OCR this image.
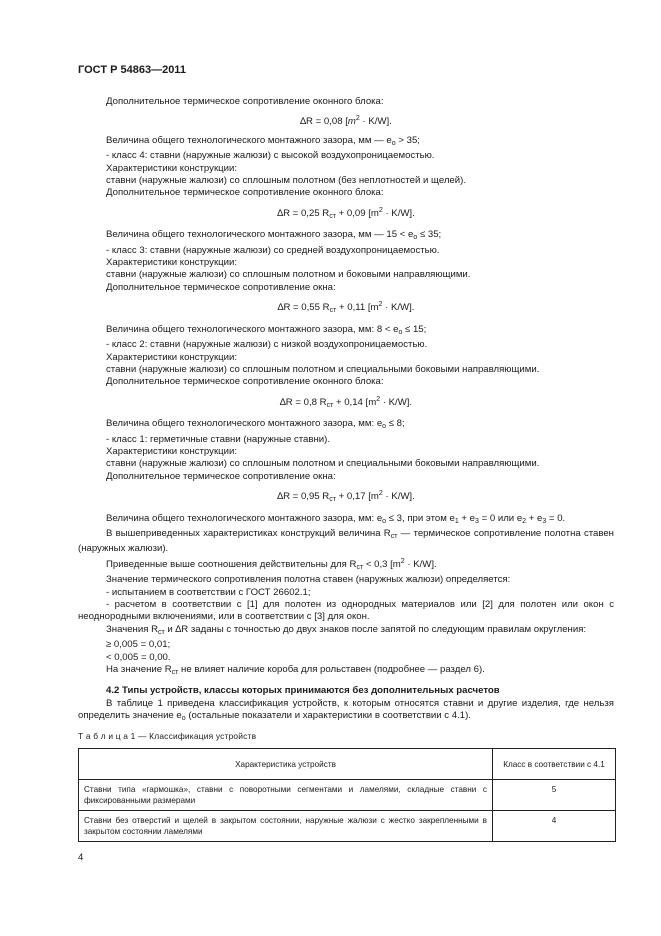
ГОСТ Р 54863—2011

Дополнительное термическое сопротивление оконного блока:

∆R = 0,08 $[m^2 \cdot K/W]$.

Величина общего технологического монтажного зазора, мм — $e_o > 35$;

- класс 4: ставни (наружные жалюзи) с высокой воздухопроницаемостью.

Характеристики конструкции:

ставни (наружные жалюзи) со сплошным полотном (без неплотностей и щелей).

Дополнительное термическое сопротивление оконного блока:

∆R = 0,25 $R_{ст} + 0,09$ $[m^2 \cdot K/W]$.

Величина общего технологического монтажного зазора, мм — $15 < e_o \le 35$;

- класс 3: ставни (наружные жалюзи) со средней воздухопроницаемостью.

Характеристики конструкции:

ставни (наружные жалюзи) со сплошным полотном и боковыми направляющими.

Дополнительное термическое сопротивление окна:

∆R = 0,55 $R_{ст} + 0,11$ $[m^2 \cdot K/W]$.

Величина общего технологического монтажного зазора, мм: $8 < e_o \le 15$;

- класс 2: ставни (наружные жалюзи) с низкой воздухопроницаемостью.

Характеристики конструкции:

ставни (наружные жалюзи) со сплошным полотном и специальными боковыми направляющими.

Дополнительное термическое сопротивление оконного блока:

∆R = 0,8 $R_{ст} + 0,14$ $[m^2 \cdot K/W]$.

Величина общего технологического монтажного зазора, мм: $e_o \le 8$;

- класс 1: герметичные ставни (наружные ставни).

Характеристики конструкции:

ставни (наружные жалюзи) со сплошным полотном и специальными боковыми направляющими.

Дополнительное термическое сопротивление окна:

∆R = 0,95 $R_{ст} + 0,17$ $[m^2 \cdot K/W]$.

Величина общего технологического монтажного зазора, мм: $e_o \le 3$, при этом $e_1 + e_3 = 0$ или $e_2 + e_3 = 0$.

В вышеприведенных характеристиках конструкций величина $R_{ст}$ — термическое сопротивление полотна ставен (наружных жалюзи).

Приведенные выше соотношения действительны для $R_{ст} < 0,3$ $[m^2 \cdot K/W]$.

Значение термического сопротивления полотна ставен (наружных жалюзи) определяется:

- испытанием в соответствии с ГОСТ 26602.1;

- расчетом в соответствии с [1] для полотен из однородных материалов или [2] для полотен или окон с неоднородными включениями, или в соответствии с [3] для окон.

Значения $R_{ст}$ и ∆R заданы с точностью до двух знаков после запятой по следующим правилам округления:

≥ 0,005 = 0,01;

< 0,005 = 0,00.

На значение $R_{ст}$ не влияет наличие короба для рольставен (подробнее — раздел 6).

4.2 Типы устройств, классы которых принимаются без дополнительных расчетов

В таблице 1 приведена классификация устройств, к которым относятся ставни и другие изделия, где нельзя определить значение $e_o$ (остальные показатели и характеристики в соответствии с 4.1).

Т а б л и ц а 1 — Классификация устройств
Характеристика устройств	Класс в соответствии с 4.1
Ставни типа «гармошка», ставни с поворотными сегментами и ламелями, складные ставни с фиксированными размерами	5
Ставни без отверстий и щелей в закрытом состоянии, наружные жалюзи с жестко закрепленными в закрытом состоянии ламелями	4
4
